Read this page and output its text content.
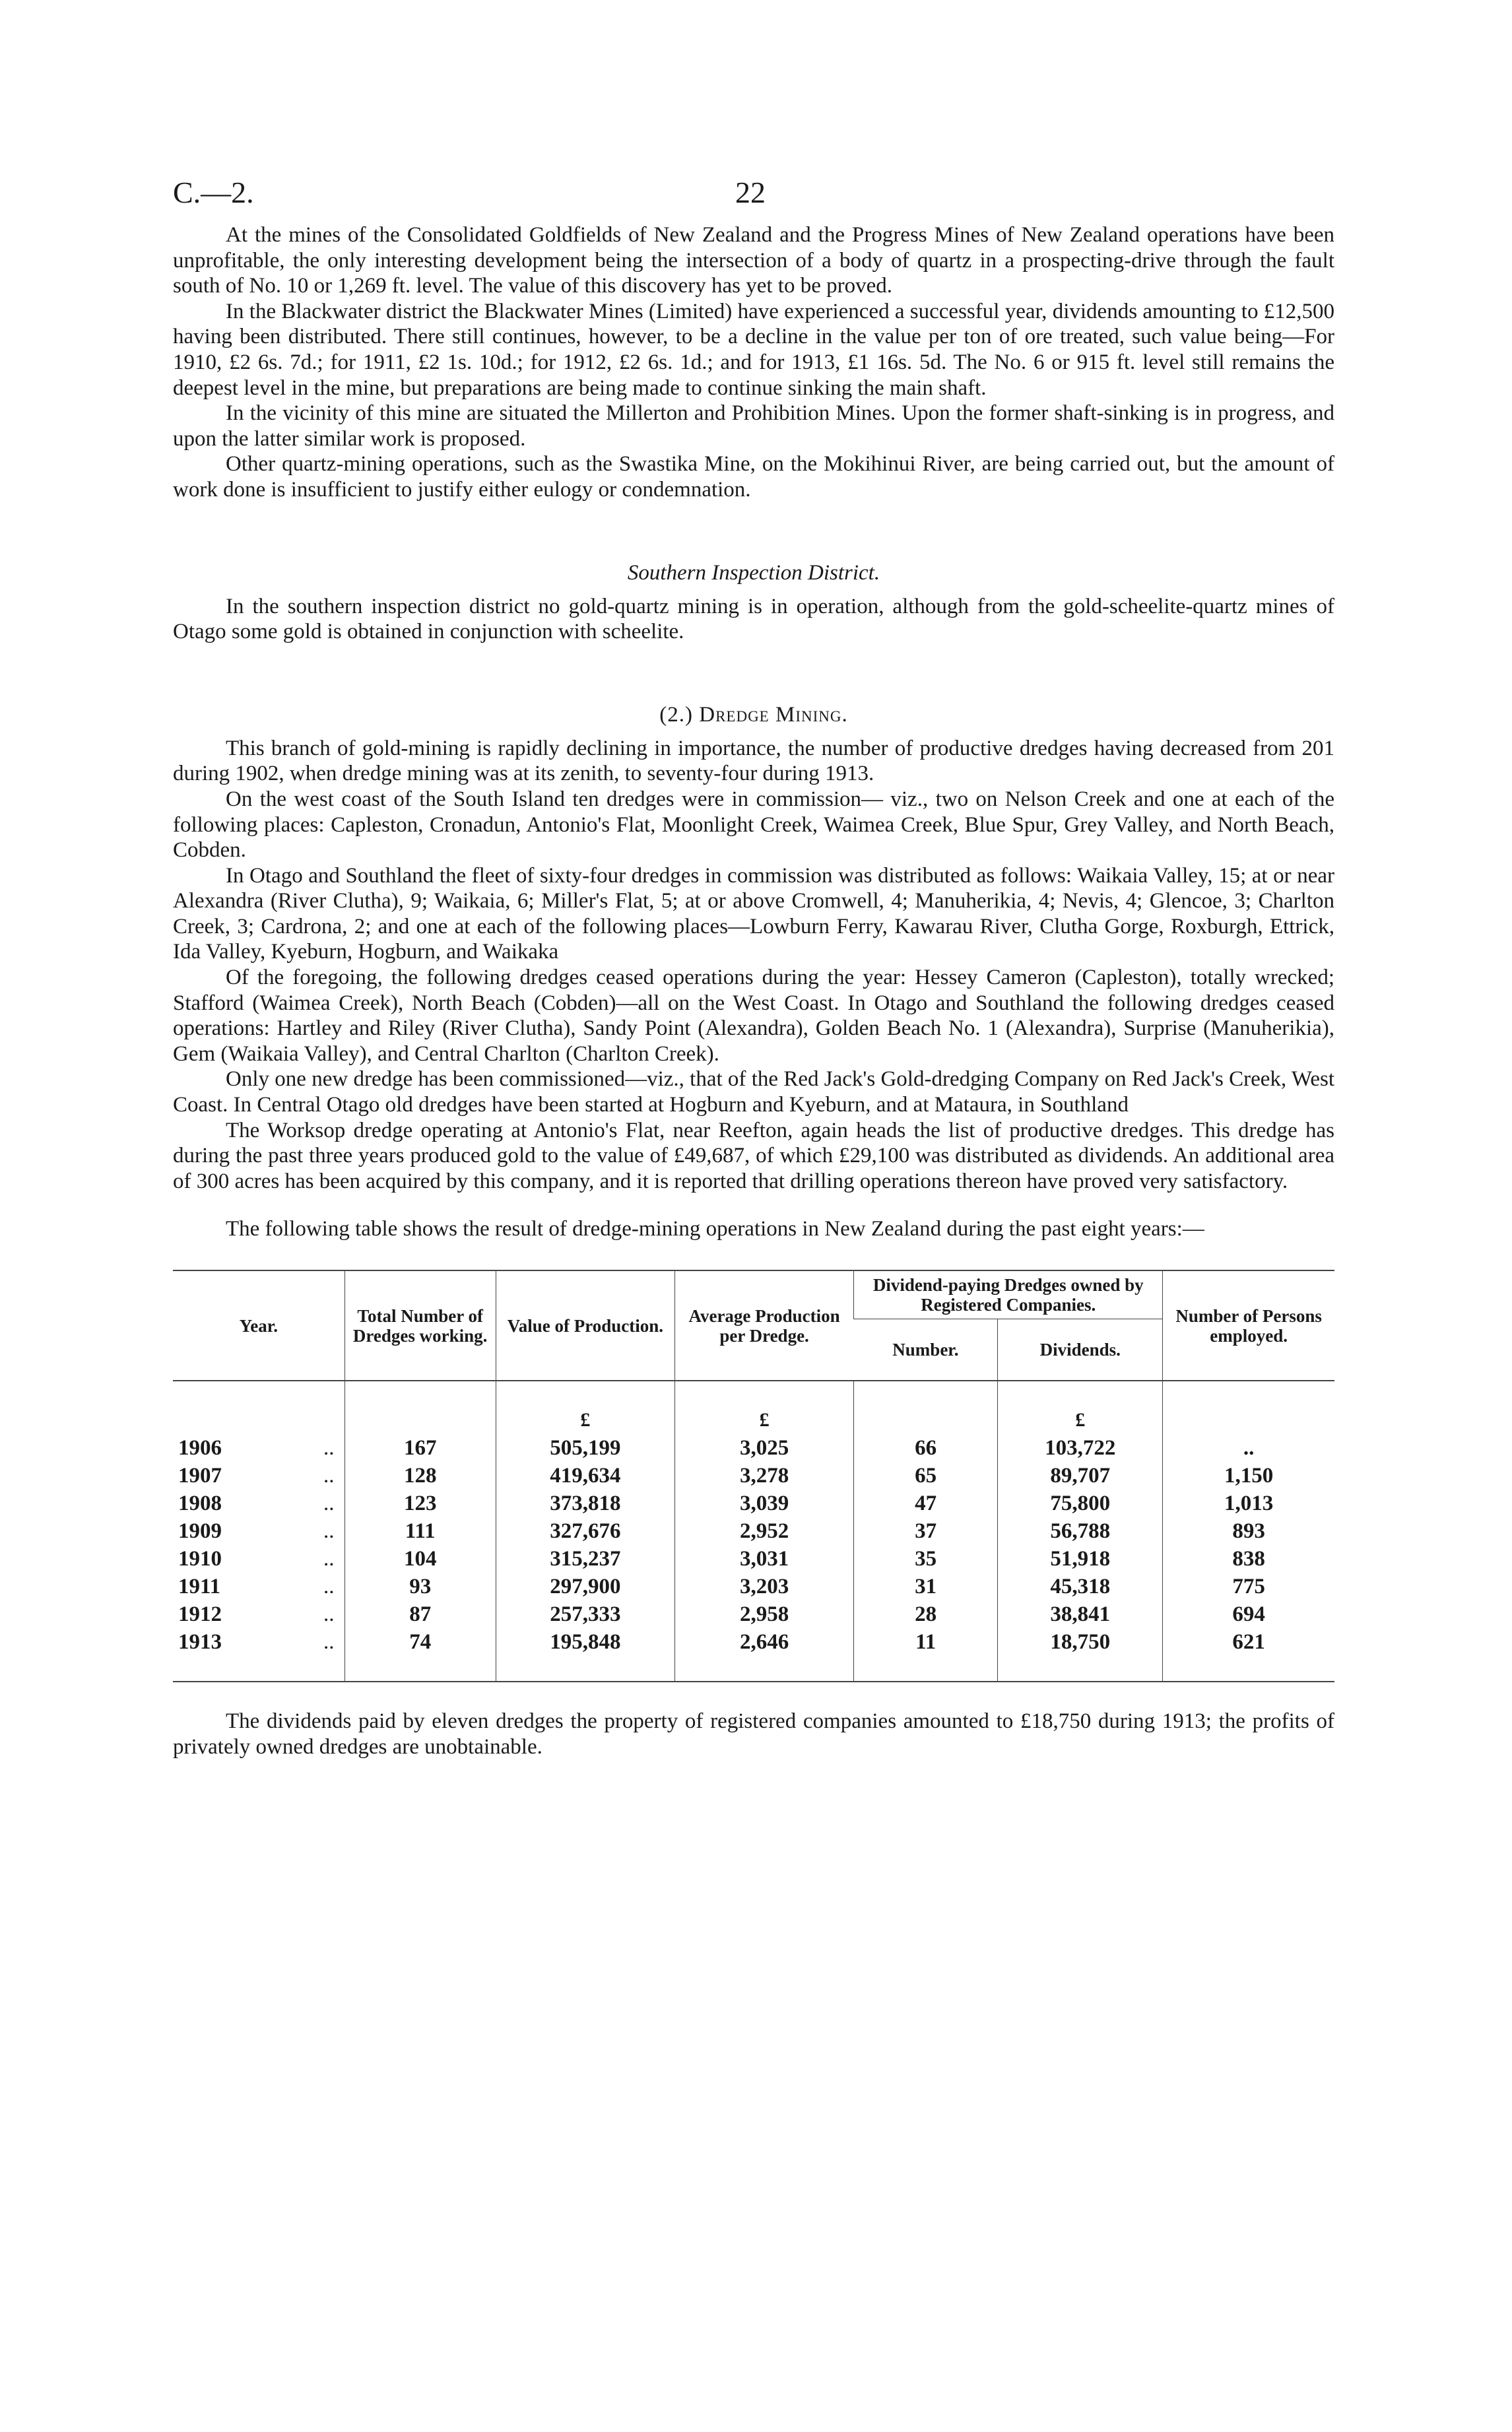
C.—2.	22

At the mines of the Consolidated Goldfields of New Zealand and the Progress Mines of New Zealand operations have been unprofitable, the only interesting development being the intersection of a body of quartz in a prospecting-drive through the fault south of No. 10 or 1,269 ft. level. The value of this discovery has yet to be proved.

In the Blackwater district the Blackwater Mines (Limited) have experienced a successful year, dividends amounting to £12,500 having been distributed. There still continues, however, to be a decline in the value per ton of ore treated, such value being—For 1910, £2 6s. 7d.; for 1911, £2 1s. 10d.; for 1912, £2 6s. 1d.; and for 1913, £1 16s. 5d. The No. 6 or 915 ft. level still remains the deepest level in the mine, but preparations are being made to continue sinking the main shaft.

In the vicinity of this mine are situated the Millerton and Prohibition Mines. Upon the former shaft-sinking is in progress, and upon the latter similar work is proposed.

Other quartz-mining operations, such as the Swastika Mine, on the Mokihinui River, are being carried out, but the amount of work done is insufficient to justify either eulogy or condemnation.

Southern Inspection District.

In the southern inspection district no gold-quartz mining is in operation, although from the gold-scheelite-quartz mines of Otago some gold is obtained in conjunction with scheelite.

(2.) Dredge Mining.

This branch of gold-mining is rapidly declining in importance, the number of productive dredges having decreased from 201 during 1902, when dredge mining was at its zenith, to seventy-four during 1913.

On the west coast of the South Island ten dredges were in commission— viz., two on Nelson Creek and one at each of the following places: Capleston, Cronadun, Antonio's Flat, Moonlight Creek, Waimea Creek, Blue Spur, Grey Valley, and North Beach, Cobden.

In Otago and Southland the fleet of sixty-four dredges in commission was distributed as follows: Waikaia Valley, 15; at or near Alexandra (River Clutha), 9; Waikaia, 6; Miller's Flat, 5; at or above Cromwell, 4; Manuherikia, 4; Nevis, 4; Glencoe, 3; Charlton Creek, 3; Cardrona, 2; and one at each of the following places—Lowburn Ferry, Kawarau River, Clutha Gorge, Roxburgh, Ettrick, Ida Valley, Kyeburn, Hogburn, and Waikaka

Of the foregoing, the following dredges ceased operations during the year: Hessey Cameron (Capleston), totally wrecked; Stafford (Waimea Creek), North Beach (Cobden)—all on the West Coast. In Otago and Southland the following dredges ceased operations: Hartley and Riley (River Clutha), Sandy Point (Alexandra), Golden Beach No. 1 (Alexandra), Surprise (Manuherikia), Gem (Waikaia Valley), and Central Charlton (Charlton Creek).

Only one new dredge has been commissioned—viz., that of the Red Jack's Gold-dredging Company on Red Jack's Creek, West Coast. In Central Otago old dredges have been started at Hogburn and Kyeburn, and at Mataura, in Southland

The Worksop dredge operating at Antonio's Flat, near Reefton, again heads the list of productive dredges. This dredge has during the past three years produced gold to the value of £49,687, of which £29,100 was distributed as dividends. An additional area of 300 acres has been acquired by this company, and it is reported that drilling operations thereon have proved very satisfactory.

The following table shows the result of dredge-mining operations in New Zealand during the past eight years:—

Year.	Total Number of Dredges working.	Value of Production.	Average Production per Dredge.	Dividend-paying Dredges owned by Registered Companies.		Number of Persons employed.
				Number.	Dividends.	

		£	£		£	
1906 ..	167	505,199	3,025	66	103,722	..
1907 ..	128	419,634	3,278	65	89,707	1,150
1908 ..	123	373,818	3,039	47	75,800	1,013
1909 ..	111	327,676	2,952	37	56,788	893
1910 ..	104	315,237	3,031	35	51,918	838
1911 ..	93	297,900	3,203	31	45,318	775
1912 ..	87	257,333	2,958	28	38,841	694
1913 ..	74	195,848	2,646	11	18,750	621

The dividends paid by eleven dredges the property of registered companies amounted to £18,750 during 1913; the profits of privately owned dredges are unobtainable.
